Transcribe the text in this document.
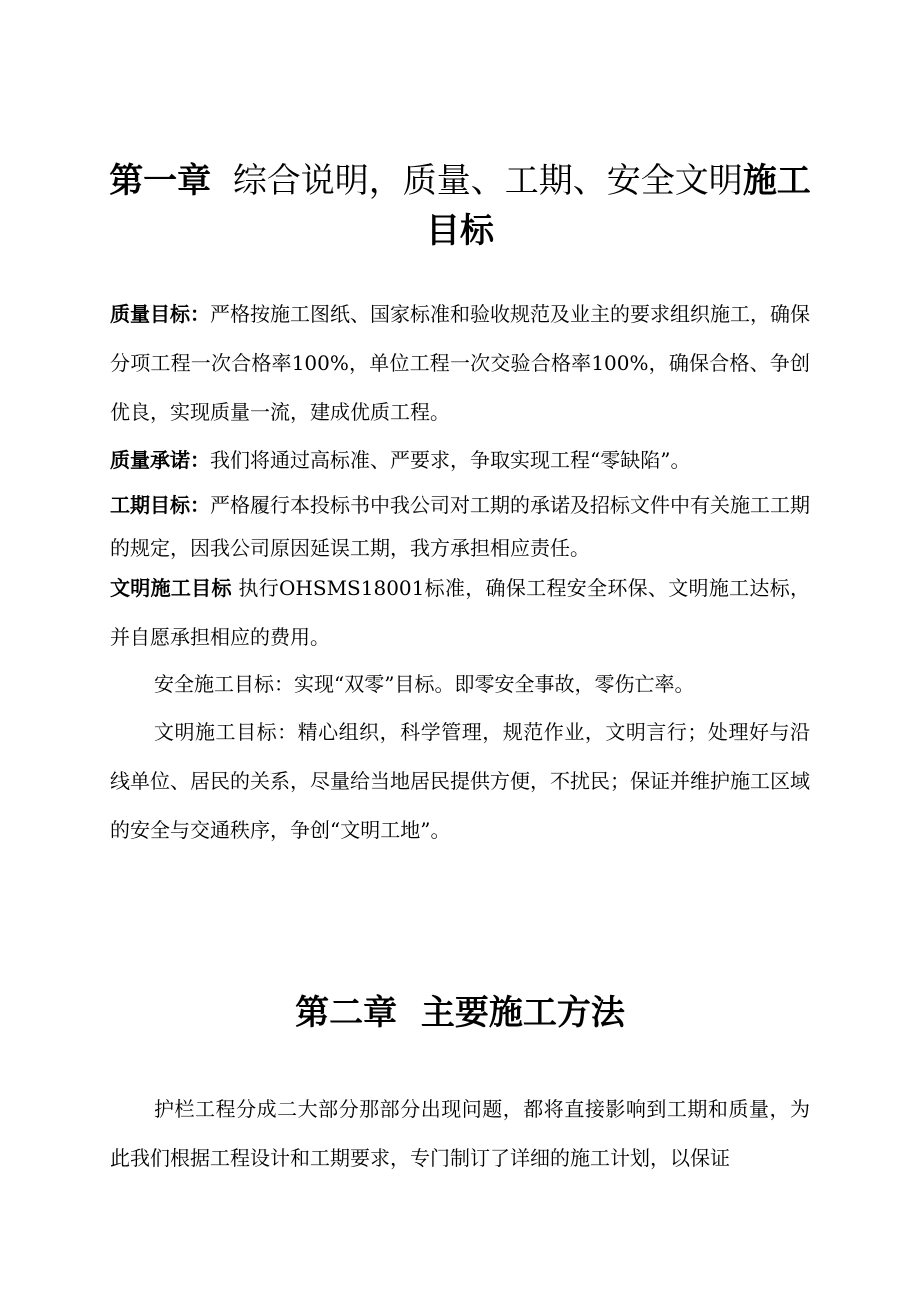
第一章 综合说明，质量、工期、安全文明施工
目标

质量目标：严格按施工图纸、国家标准和验收规范及业主的要求组织施工，确保分项工程一次合格率100%，单位工程一次交验合格率100%，确保合格、争创优良，实现质量一流，建成优质工程。

质量承诺：我们将通过高标准、严要求，争取实现工程“零缺陷”。

工期目标：严格履行本投标书中我公司对工期的承诺及招标文件中有关施工工期的规定，因我公司原因延误工期，我方承担相应责任。

文明施工目标 执行OHSMS18001标准，确保工程安全环保、文明施工达标，并自愿承担相应的费用。

安全施工目标：实现“双零”目标。即零安全事故，零伤亡率。

文明施工目标：精心组织，科学管理，规范作业，文明言行；处理好与沿线单位、居民的关系，尽量给当地居民提供方便，不扰民；保证并维护施工区域的安全与交通秩序，争创“文明工地”。

第二章  主要施工方法

护栏工程分成二大部分那部分出现问题，都将直接影响到工期和质量，为此我们根据工程设计和工期要求，专门制订了详细的施工计划，以保证
